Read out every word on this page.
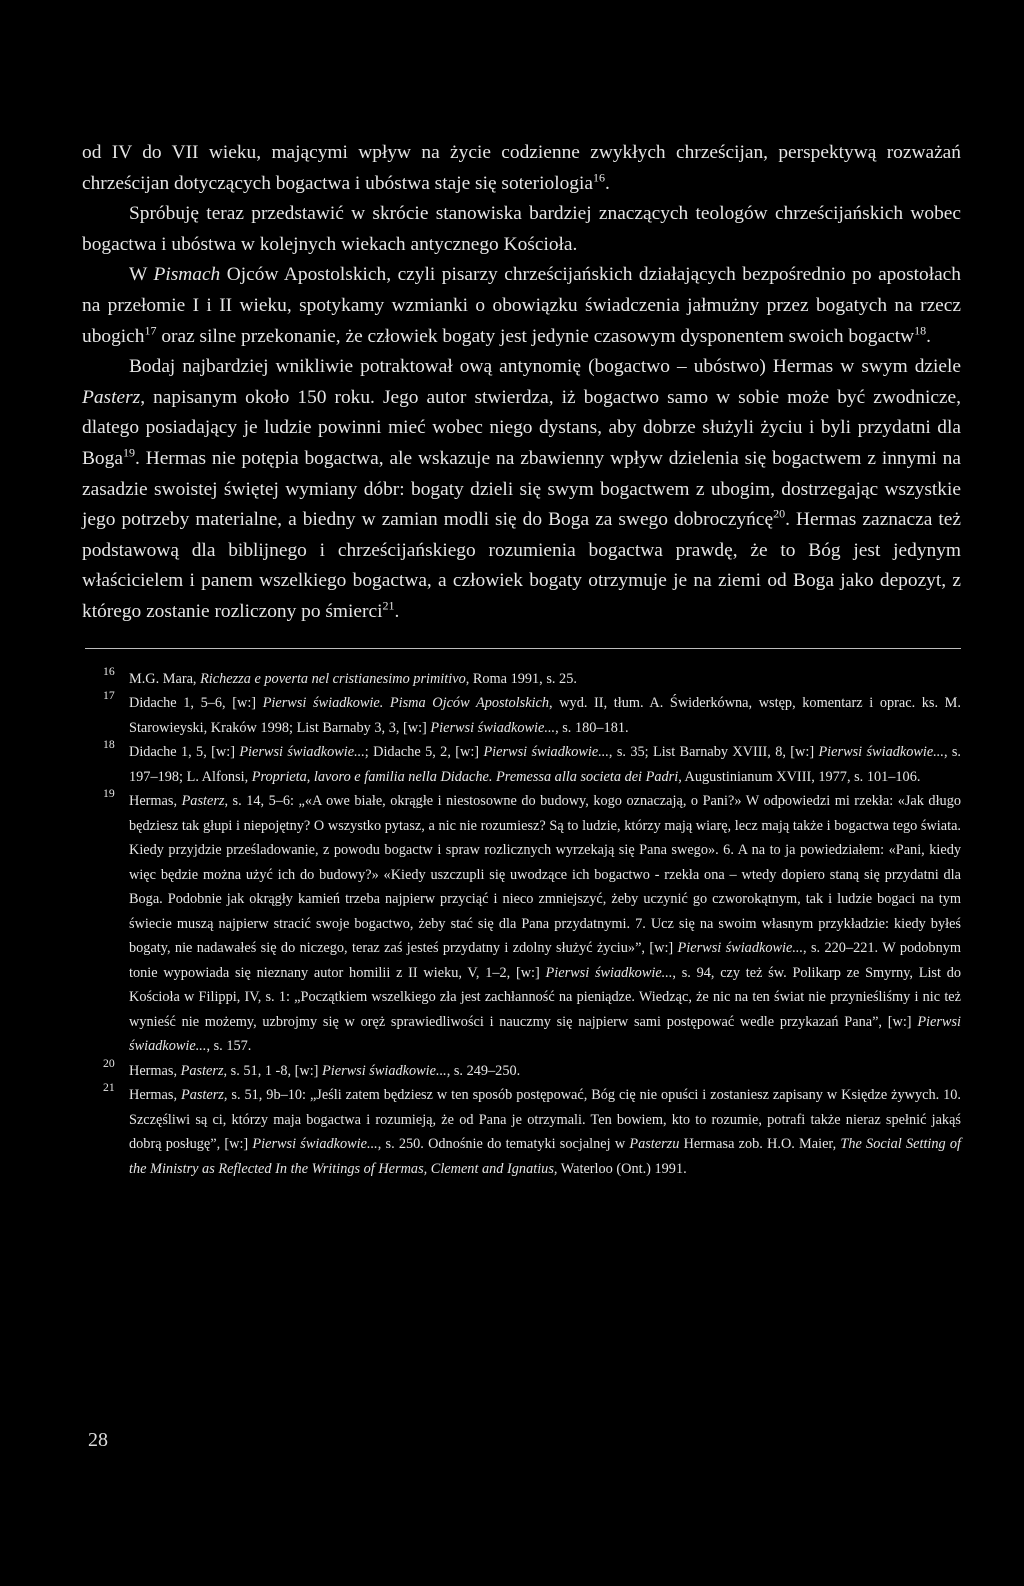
od IV do VII wieku, mającymi wpływ na życie codzienne zwykłych chrześcijan, perspektywą rozważań chrześcijan dotyczących bogactwa i ubóstwa staje się soteriologia$^{16}$.

Spróbuję teraz przedstawić w skrócie stanowiska bardziej znaczących teologów chrześcijańskich wobec bogactwa i ubóstwa w kolejnych wiekach antycznego Kościoła.

W Pismach Ojców Apostolskich, czyli pisarzy chrześcijańskich działających bezpośrednio po apostołach na przełomie I i II wieku, spotykamy wzmianki o obowiązku świadczenia jałmużny przez bogatych na rzecz ubogich$^{17}$ oraz silne przekonanie, że człowiek bogaty jest jedynie czasowym dysponentem swoich bogactw$^{18}$.

Bodaj najbardziej wnikliwie potraktował ową antynomię (bogactwo – ubóstwo) Hermas w swym dziele Pasterz, napisanym około 150 roku. Jego autor stwierdza, iż bogactwo samo w sobie może być zwodnicze, dlatego posiadający je ludzie powinni mieć wobec niego dystans, aby dobrze służyli życiu i byli przydatni dla Boga$^{19}$. Hermas nie potępia bogactwa, ale wskazuje na zbawienny wpływ dzielenia się bogactwem z innymi na zasadzie swoistej świętej wymiany dóbr: bogaty dzieli się swym bogactwem z ubogim, dostrzegając wszystkie jego potrzeby materialne, a biedny w zamian modli się do Boga za swego dobroczyńcę$^{20}$. Hermas zaznacza też podstawową dla biblijnego i chrześcijańskiego rozumienia bogactwa prawdę, że to Bóg jest jedynym właścicielem i panem wszelkiego bogactwa, a człowiek bogaty otrzymuje je na ziemi od Boga jako depozyt, z którego zostanie rozliczony po śmierci$^{21}$.

16 M.G. Mara, Richezza e poverta nel cristianesimo primitivo, Roma 1991, s. 25.

17 Didache 1, 5–6, [w:] Pierwsi świadkowie. Pisma Ojców Apostolskich, wyd. II, tłum. A. Świderkówna, wstęp, komentarz i oprac. ks. M. Starowieyski, Kraków 1998; List Barnaby 3, 3, [w:] Pierwsi świadkowie..., s. 180–181.

18 Didache 1, 5, [w:] Pierwsi świadkowie...; Didache 5, 2, [w:] Pierwsi świadkowie..., s. 35; List Barnaby XVIII, 8, [w:] Pierwsi świadkowie..., s. 197–198; L. Alfonsi, Proprieta, lavoro e familia nella Didache. Premessa alla societa dei Padri, Augustinianum XVIII, 1977, s. 101–106.

19 Hermas, Pasterz, s. 14, 5–6: „«A owe białe, okrągłe i niestosowne do budowy, kogo oznaczają, o Pani?» W odpowiedzi mi rzekła: «Jak długo będziesz tak głupi i niepojętny? O wszystko pytasz, a nic nie rozumiesz? Są to ludzie, którzy mają wiarę, lecz mają także i bogactwa tego świata. Kiedy przyjdzie prześladowanie, z powodu bogactw i spraw rozlicznych wyrzekają się Pana swego». 6. A na to ja powiedziałem: «Pani, kiedy więc będzie można użyć ich do budowy?» «Kiedy uszczupli się uwodzące ich bogactwo - rzekła ona – wtedy dopiero staną się przydatni dla Boga. Podobnie jak okrągły kamień trzeba najpierw przyciąć i nieco zmniejszyć, żeby uczynić go czworokątnym, tak i ludzie bogaci na tym świecie muszą najpierw stracić swoje bogactwo, żeby stać się dla Pana przydatnymi. 7. Ucz się na swoim własnym przykładzie: kiedy byłeś bogaty, nie nadawałeś się do niczego, teraz zaś jesteś przydatny i zdolny służyć życiu»”, [w:] Pierwsi świadkowie..., s. 220–221. W podobnym tonie wypowiada się nieznany autor homilii z II wieku, V, 1–2, [w:] Pierwsi świadkowie..., s. 94, czy też św. Polikarp ze Smyrny, List do Kościoła w Filippi, IV, s. 1: „Początkiem wszelkiego zła jest zachłanność na pieniądze. Wiedząc, że nic na ten świat nie przynieśliśmy i nic też wynieść nie możemy, uzbrojmy się w oręż sprawiedliwości i nauczmy się najpierw sami postępować wedle przykazań Pana”, [w:] Pierwsi świadkowie..., s. 157.

20 Hermas, Pasterz, s. 51, 1 -8, [w:] Pierwsi świadkowie..., s. 249–250.

21 Hermas, Pasterz, s. 51, 9b–10: „Jeśli zatem będziesz w ten sposób postępować, Bóg cię nie opuści i zostaniesz zapisany w Księdze żywych. 10. Szczęśliwi są ci, którzy maja bogactwa i rozumieją, że od Pana je otrzymali. Ten bowiem, kto to rozumie, potrafi także nieraz spełnić jakąś dobrą posługę”, [w:] Pierwsi świadkowie..., s. 250. Odnośnie do tematyki socjalnej w Pasterzu Hermasa zob. H.O. Maier, The Social Setting of the Ministry as Reflected In the Writings of Hermas, Clement and Ignatius, Waterloo (Ont.) 1991.

28
